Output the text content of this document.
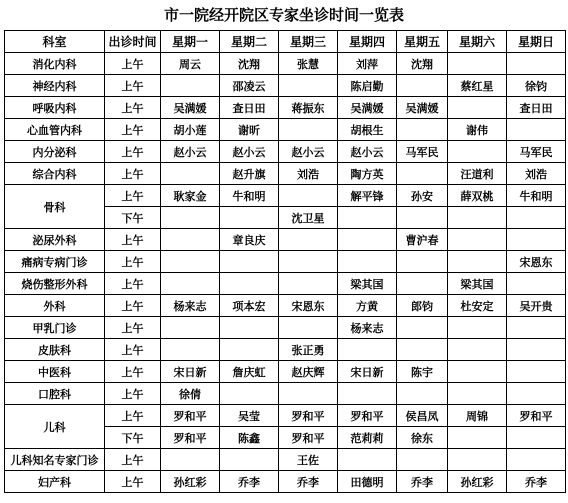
市一院经开院区专家坐诊时间一览表
科室	出诊时间	星期一	星期二	星期三	星期四	星期五	星期六	星期日
消化内科	上午	周云	沈翔	张慧	刘萍	沈翔		
神经内科	上午		邵凌云		陈启勤		蔡红星	徐钧
呼吸内科	上午	吴满媛	查日田	蒋振东	吴满媛	吴满媛		查日田
心血管内科	上午	胡小莲	谢昕		胡根生		谢伟	
内分泌科	上午	赵小云	赵小云	赵小云	赵小云	马军民		马军民
综合内科	上午		赵升旗	刘浩	陶方英		汪道利	刘浩
骨科	上午	耿家金	牛和明		解平锋	孙安	薛双桃	牛和明
	下午			沈卫星				
泌尿外科	上午		章良庆			曹沪春		
痛病专病门诊	上午							宋恩东
烧伤整形外科	上午				梁其国		梁其国	
外科	上午	杨来志	项本宏	宋恩东	方黄	郎钧	杜安定	吴开贵
甲乳门诊	上午				杨来志			
皮肤科	上午			张正勇				
中医科	上午	宋日新	詹庆虹	赵庆辉	宋日新	陈宇		
口腔科	上午	徐倩						
儿科	上午	罗和平	吴莹	罗和平	罗和平	侯昌凤	周锦	罗和平
	下午	罗和平	陈鑫	罗和平	范莉莉	徐东		
儿科知名专家门诊	上午			王佐				
妇产科	上午	孙红彩	乔李	乔李	田德明	乔李	孙红彩	乔李
